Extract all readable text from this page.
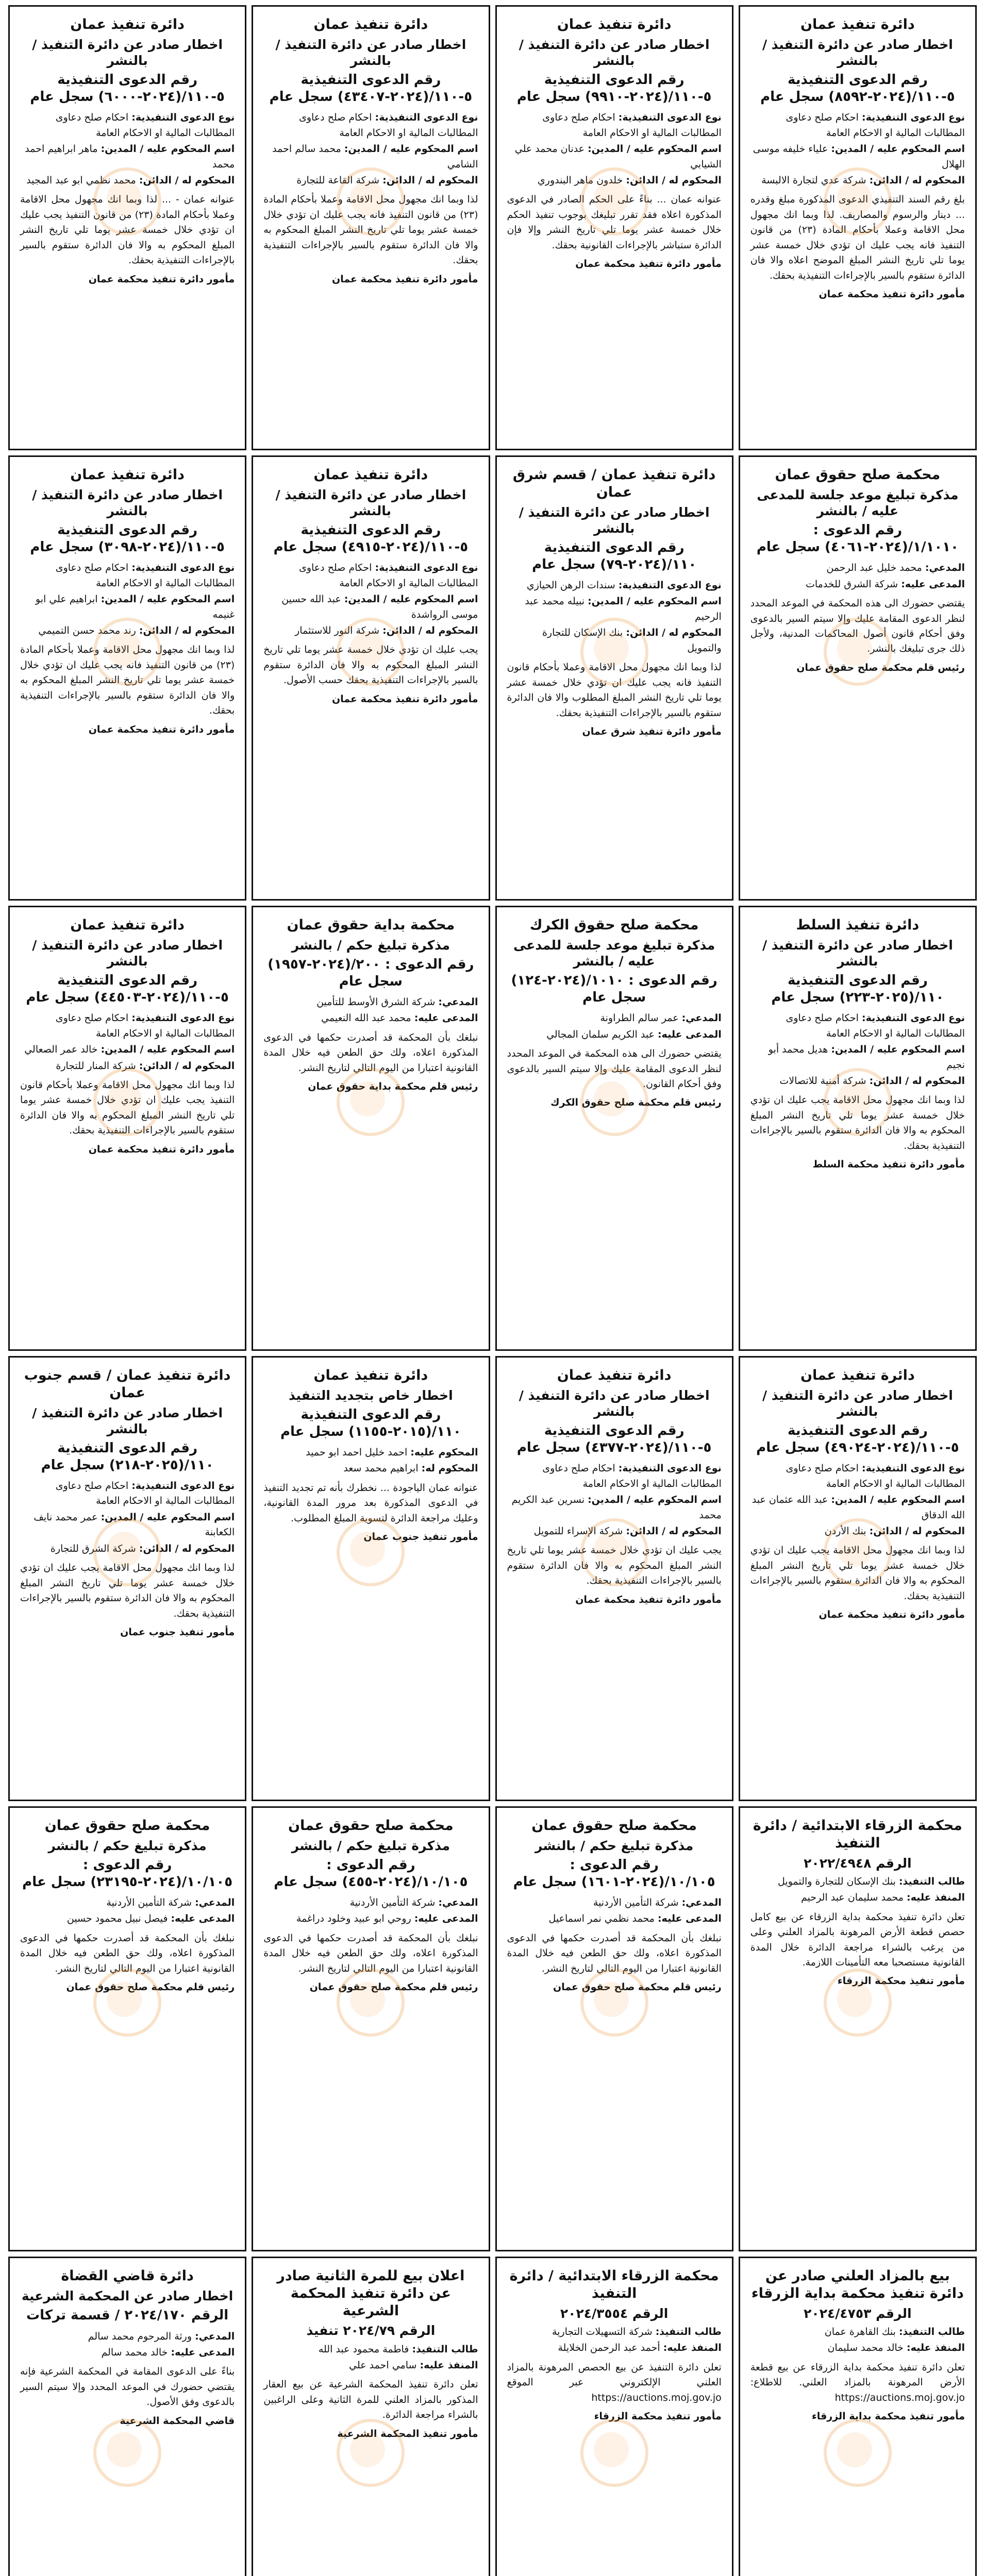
دائرة تنفيذ عمان
اخطار صادر عن دائرة التنفيذ / بالنشر
رقم الدعوى التنفيذية ٥-١١٠/(٢٠٢٤-٨٥٩٢) سجل عام
نوع الدعوى التنفيذية: احكام صلح دعاوى المطالبات المالية او الاحكام العامة
اسم المحكوم عليه / المدين: علياء خليفه موسى الهلال
المحكوم له / الدائن: شركة عدي لتجارة الالبسة
بلغ رقم السند التنفيذي الدعوى المذكورة مبلغ وقدره ... دينار والرسوم والمصاريف. لذا وبما انك مجهول محل الاقامة وعملا بأحكام المادة (٢٣) من قانون التنفيذ فانه يجب عليك ان تؤدي خلال خمسة عشر يوما تلي تاريخ النشر المبلغ الموضح اعلاه والا فان الدائرة ستقوم بالسير بالإجراءات التنفيذية بحقك.
مأمور دائرة تنفيذ محكمة عمان
دائرة تنفيذ عمان
اخطار صادر عن دائرة التنفيذ / بالنشر
رقم الدعوى التنفيذية ٥-١١٠/(٢٠٢٤-٩٩١٠) سجل عام
نوع الدعوى التنفيذية: احكام صلح دعاوى المطالبات المالية او الاحكام العامة
اسم المحكوم عليه / المدين: عدنان محمد علي الشيابي
المحكوم له / الدائن: خلدون ماهر البندوري
عنوانه عمان ... بناءً على الحكم الصادر في الدعوى المذكورة اعلاه فقد تقرر تبليغك بوجوب تنفيذ الحكم خلال خمسة عشر يوما تلي تاريخ النشر وإلا فإن الدائرة ستباشر بالإجراءات القانونية بحقك.
مأمور دائرة تنفيذ محكمة عمان
دائرة تنفيذ عمان
اخطار صادر عن دائرة التنفيذ / بالنشر
رقم الدعوى التنفيذية ٥-١١٠/(٢٠٢٤-٤٣٤٠٧) سجل عام
نوع الدعوى التنفيذية: احكام صلح دعاوى المطالبات المالية او الاحكام العامة
اسم المحكوم عليه / المدين: محمد سالم احمد الشامي
المحكوم له / الدائن: شركة القاعة للتجارة
لذا وبما انك مجهول محل الاقامة وعملا بأحكام المادة (٢٣) من قانون التنفيذ فانه يجب عليك ان تؤدي خلال خمسة عشر يوما تلي تاريخ النشر المبلغ المحكوم به والا فان الدائرة ستقوم بالسير بالإجراءات التنفيذية بحقك.
مأمور دائرة تنفيذ محكمة عمان
دائرة تنفيذ عمان
اخطار صادر عن دائرة التنفيذ / بالنشر
رقم الدعوى التنفيذية ٥-١١٠/(٢٠٢٤-٦٠٠٠) سجل عام
نوع الدعوى التنفيذية: احكام صلح دعاوى المطالبات المالية او الاحكام العامة
اسم المحكوم عليه / المدين: ماهر ابراهيم احمد محمد
المحكوم له / الدائن: محمد نظمي ابو عبد المجيد
عنوانه عمان - ... لذا وبما انك مجهول محل الاقامة وعملا بأحكام المادة (٢٣) من قانون التنفيذ يجب عليك ان تؤدي خلال خمسة عشر يوما تلي تاريخ النشر المبلغ المحكوم به والا فان الدائرة ستقوم بالسير بالإجراءات التنفيذية بحقك.
مأمور دائرة تنفيذ محكمة عمان
محكمة صلح حقوق عمان
مذكرة تبليغ موعد جلسة للمدعى عليه / بالنشر
رقم الدعوى : ١/١٠١٠/(٢٠٢٤-٤٠٦١) سجل عام
المدعي: محمد خليل عبد الرحمن
المدعى عليه: شركة الشرق للخدمات
يقتضي حضورك الى هذه المحكمة في الموعد المحدد لنظر الدعوى المقامة عليك وإلا سيتم السير بالدعوى وفق أحكام قانون أصول المحاكمات المدنية، ولأجل ذلك جرى تبليغك بالنشر.
رئيس قلم محكمة صلح حقوق عمان
دائرة تنفيذ عمان / قسم شرق عمان
اخطار صادر عن دائرة التنفيذ / بالنشر
رقم الدعوى التنفيذية ١١٠/(٢٠٢٤-٧٩) سجل عام
نوع الدعوى التنفيذية: سندات الرهن الحيازي
اسم المحكوم عليه / المدين: نبيله محمد عبد الرحيم
المحكوم له / الدائن: بنك الإسكان للتجارة والتمويل
لذا وبما انك مجهول محل الاقامة وعملا بأحكام قانون التنفيذ فانه يجب عليك ان تؤدي خلال خمسة عشر يوما تلي تاريخ النشر المبلغ المطلوب والا فان الدائرة ستقوم بالسير بالإجراءات التنفيذية بحقك.
مأمور دائرة تنفيذ شرق عمان
دائرة تنفيذ عمان
اخطار صادر عن دائرة التنفيذ / بالنشر
رقم الدعوى التنفيذية ٥-١١٠/(٢٠٢٤-٤٩١٥) سجل عام
نوع الدعوى التنفيذية: احكام صلح دعاوى المطالبات المالية او الاحكام العامة
اسم المحكوم عليه / المدين: عبد الله حسين موسى الرواشدة
المحكوم له / الدائن: شركة النور للاستثمار
يجب عليك ان تؤدي خلال خمسة عشر يوما تلي تاريخ النشر المبلغ المحكوم به والا فان الدائرة ستقوم بالسير بالإجراءات التنفيذية بحقك حسب الأصول.
مأمور دائرة تنفيذ محكمة عمان
دائرة تنفيذ عمان
اخطار صادر عن دائرة التنفيذ / بالنشر
رقم الدعوى التنفيذية ٥-١١٠/(٢٠٢٤-٣٠٩٨) سجل عام
نوع الدعوى التنفيذية: احكام صلح دعاوى المطالبات المالية او الاحكام العامة
اسم المحكوم عليه / المدين: ابراهيم علي ابو غنيمه
المحكوم له / الدائن: رند محمد حسن التميمي
لذا وبما انك مجهول محل الاقامة وعملا بأحكام المادة (٢٣) من قانون التنفيذ فانه يجب عليك ان تؤدي خلال خمسة عشر يوما تلي تاريخ النشر المبلغ المحكوم به والا فان الدائرة ستقوم بالسير بالإجراءات التنفيذية بحقك.
مأمور دائرة تنفيذ محكمة عمان
دائرة تنفيذ السلط
اخطار صادر عن دائرة التنفيذ / بالنشر
رقم الدعوى التنفيذية ١١٠/(٢٠٢٥-٢٢٣) سجل عام
نوع الدعوى التنفيذية: احكام صلح دعاوى المطالبات المالية او الاحكام العامة
اسم المحكوم عليه / المدين: هديل محمد أبو نجيم
المحكوم له / الدائن: شركة أمنية للاتصالات
لذا وبما انك مجهول محل الاقامة يجب عليك ان تؤدي خلال خمسة عشر يوما تلي تاريخ النشر المبلغ المحكوم به والا فان الدائرة ستقوم بالسير بالإجراءات التنفيذية بحقك.
مأمور دائرة تنفيذ محكمة السلط
محكمة صلح حقوق الكرك
مذكرة تبليغ موعد جلسة للمدعى عليه / بالنشر
رقم الدعوى : ١٠١٠/(٢٠٢٤-١٢٤) سجل عام
المدعي: عمر سالم الطراونة
المدعى عليه: عبد الكريم سلمان المجالي
يقتضي حضورك الى هذه المحكمة في الموعد المحدد لنظر الدعوى المقامة عليك وإلا سيتم السير بالدعوى وفق أحكام القانون.
رئيس قلم محكمة صلح حقوق الكرك
محكمة بداية حقوق عمان
مذكرة تبليغ حكم / بالنشر
رقم الدعوى : ٢٠٠/(٢٠٢٤-١٩٥٧) سجل عام
المدعي: شركة الشرق الأوسط للتأمين
المدعى عليه: محمد عبد الله النعيمي
نبلغك بأن المحكمة قد أصدرت حكمها في الدعوى المذكورة اعلاه، ولك حق الطعن فيه خلال المدة القانونية اعتبارا من اليوم التالي لتاريخ النشر.
رئيس قلم محكمة بداية حقوق عمان
دائرة تنفيذ عمان
اخطار صادر عن دائرة التنفيذ / بالنشر
رقم الدعوى التنفيذية ٥-١١٠/(٢٠٢٤-٤٤٥٠٣) سجل عام
نوع الدعوى التنفيذية: احكام صلح دعاوى المطالبات المالية او الاحكام العامة
اسم المحكوم عليه / المدين: خالد عمر الصعالي
المحكوم له / الدائن: شركة المنار للتجارة
لذا وبما انك مجهول محل الاقامة وعملا بأحكام قانون التنفيذ يجب عليك ان تؤدي خلال خمسة عشر يوما تلي تاريخ النشر المبلغ المحكوم به والا فان الدائرة ستقوم بالسير بالإجراءات التنفيذية بحقك.
مأمور دائرة تنفيذ محكمة عمان
دائرة تنفيذ عمان
اخطار صادر عن دائرة التنفيذ / بالنشر
رقم الدعوى التنفيذية ٥-١١٠/(٢٠٢٤-٤٩٠٢٤) سجل عام
نوع الدعوى التنفيذية: احكام صلح دعاوى المطالبات المالية او الاحكام العامة
اسم المحكوم عليه / المدين: عبد الله عثمان عبد الله الدقاق
المحكوم له / الدائن: بنك الأردن
لذا وبما انك مجهول محل الاقامة يجب عليك ان تؤدي خلال خمسة عشر يوما تلي تاريخ النشر المبلغ المحكوم به والا فان الدائرة ستقوم بالسير بالإجراءات التنفيذية بحقك.
مأمور دائرة تنفيذ محكمة عمان
دائرة تنفيذ عمان
اخطار صادر عن دائرة التنفيذ / بالنشر
رقم الدعوى التنفيذية ٥-١١٠/(٢٠٢٤-٤٣٧٧) سجل عام
نوع الدعوى التنفيذية: احكام صلح دعاوى المطالبات المالية او الاحكام العامة
اسم المحكوم عليه / المدين: نسرين عبد الكريم محمد
المحكوم له / الدائن: شركة الإسراء للتمويل
يجب عليك ان تؤدي خلال خمسة عشر يوما تلي تاريخ النشر المبلغ المحكوم به والا فان الدائرة ستقوم بالسير بالإجراءات التنفيذية بحقك.
مأمور دائرة تنفيذ محكمة عمان
دائرة تنفيذ عمان
اخطار خاص بتجديد التنفيذ
رقم الدعوى التنفيذية ١١٠/(٢٠١٥-١١٥٥) سجل عام
المحكوم عليه: احمد خليل احمد ابو حميد
المحكوم له: ابراهيم محمد سعد
عنوانه عمان الياجودة ... نخطرك بأنه تم تجديد التنفيذ في الدعوى المذكورة بعد مرور المدة القانونية، وعليك مراجعة الدائرة لتسوية المبلغ المطلوب.
مأمور تنفيذ جنوب عمان
دائرة تنفيذ عمان / قسم جنوب عمان
اخطار صادر عن دائرة التنفيذ / بالنشر
رقم الدعوى التنفيذية ١١٠/(٢٠٢٥-٢١٨) سجل عام
نوع الدعوى التنفيذية: احكام صلح دعاوى المطالبات المالية او الاحكام العامة
اسم المحكوم عليه / المدين: عمر محمد نايف الكعابنة
المحكوم له / الدائن: شركة الشرق للتجارة
لذا وبما انك مجهول محل الاقامة يجب عليك ان تؤدي خلال خمسة عشر يوما تلي تاريخ النشر المبلغ المحكوم به والا فان الدائرة ستقوم بالسير بالإجراءات التنفيذية بحقك.
مأمور تنفيذ جنوب عمان
محكمة الزرقاء الابتدائية / دائرة التنفيذ
الرقم ٢٠٢٢/٤٩٤٨
طالب التنفيذ: بنك الإسكان للتجارة والتمويل
المنفذ عليه: محمد سليمان عبد الرحيم
تعلن دائرة تنفيذ محكمة بداية الزرقاء عن بيع كامل حصص قطعة الأرض المرهونة بالمزاد العلني وعلى من يرغب بالشراء مراجعة الدائرة خلال المدة القانونية مستصحبا معه التأمينات اللازمة.
مأمور تنفيذ محكمة الزرقاء
محكمة صلح حقوق عمان
مذكرة تبليغ حكم / بالنشر
رقم الدعوى : ١٠/١٠٥/(٢٠٢٤-١٦٠١) سجل عام
المدعي: شركة التأمين الأردنية
المدعى عليه: محمد نظمي نمر اسماعيل
نبلغك بأن المحكمة قد أصدرت حكمها في الدعوى المذكورة اعلاه، ولك حق الطعن فيه خلال المدة القانونية اعتبارا من اليوم التالي لتاريخ النشر.
رئيس قلم محكمة صلح حقوق عمان
محكمة صلح حقوق عمان
مذكرة تبليغ حكم / بالنشر
رقم الدعوى : ١٠/١٠٥/(٢٠٢٤-٤٥٥) سجل عام
المدعي: شركة التأمين الأردنية
المدعى عليه: روحي ابو عبيد وخلود دراغمة
نبلغك بأن المحكمة قد أصدرت حكمها في الدعوى المذكورة اعلاه، ولك حق الطعن فيه خلال المدة القانونية اعتبارا من اليوم التالي لتاريخ النشر.
رئيس قلم محكمة صلح حقوق عمان
محكمة صلح حقوق عمان
مذكرة تبليغ حكم / بالنشر
رقم الدعوى : ١٠/١٠٥/(٢٠٢٤-٢٣١٩٥) سجل عام
المدعي: شركة التأمين الأردنية
المدعى عليه: فيصل نبيل محمود حسين
نبلغك بأن المحكمة قد أصدرت حكمها في الدعوى المذكورة اعلاه، ولك حق الطعن فيه خلال المدة القانونية اعتبارا من اليوم التالي لتاريخ النشر.
رئيس قلم محكمة صلح حقوق عمان
بيع بالمزاد العلني صادر عن دائرة تنفيذ محكمة بداية الزرقاء
الرقم ٢٠٢٤/٤٧٥٣
طالب التنفيذ: بنك القاهرة عمان
المنفذ عليه: خالد محمد سليمان
تعلن دائرة تنفيذ محكمة بداية الزرقاء عن بيع قطعة الأرض المرهونة بالمزاد العلني. للاطلاع: https://auctions.moj.gov.jo
مأمور تنفيذ محكمة بداية الزرقاء
محكمة الزرقاء الابتدائية / دائرة التنفيذ
الرقم ٢٠٢٤/٣٥٥٤
طالب التنفيذ: شركة التسهيلات التجارية
المنفذ عليه: أحمد عبد الرحمن الخلايلة
تعلن دائرة التنفيذ عن بيع الحصص المرهونة بالمزاد العلني الإلكتروني عبر الموقع https://auctions.moj.gov.jo
مأمور تنفيذ محكمة الزرقاء
اعلان بيع للمرة الثانية صادر عن دائرة تنفيذ المحكمة الشرعية
الرقم ٢٠٢٤/٧٩ تنفيذ
طالب التنفيذ: فاطمة محمود عبد الله
المنفذ عليه: سامي احمد علي
تعلن دائرة تنفيذ المحكمة الشرعية عن بيع العقار المذكور بالمزاد العلني للمرة الثانية وعلى الراغبين بالشراء مراجعة الدائرة.
مأمور تنفيذ المحكمة الشرعية
دائرة قاضي القضاة
اخطار صادر عن المحكمة الشرعية
الرقم ٢٠٢٤/١٧٠ / قسمة تركات
المدعي: ورثة المرحوم محمد سالم
المدعى عليه: خالد محمد سالم
بناءً على الدعوى المقامة في المحكمة الشرعية فإنه يقتضي حضورك في الموعد المحدد وإلا سيتم السير بالدعوى وفق الأصول.
قاضي المحكمة الشرعية
